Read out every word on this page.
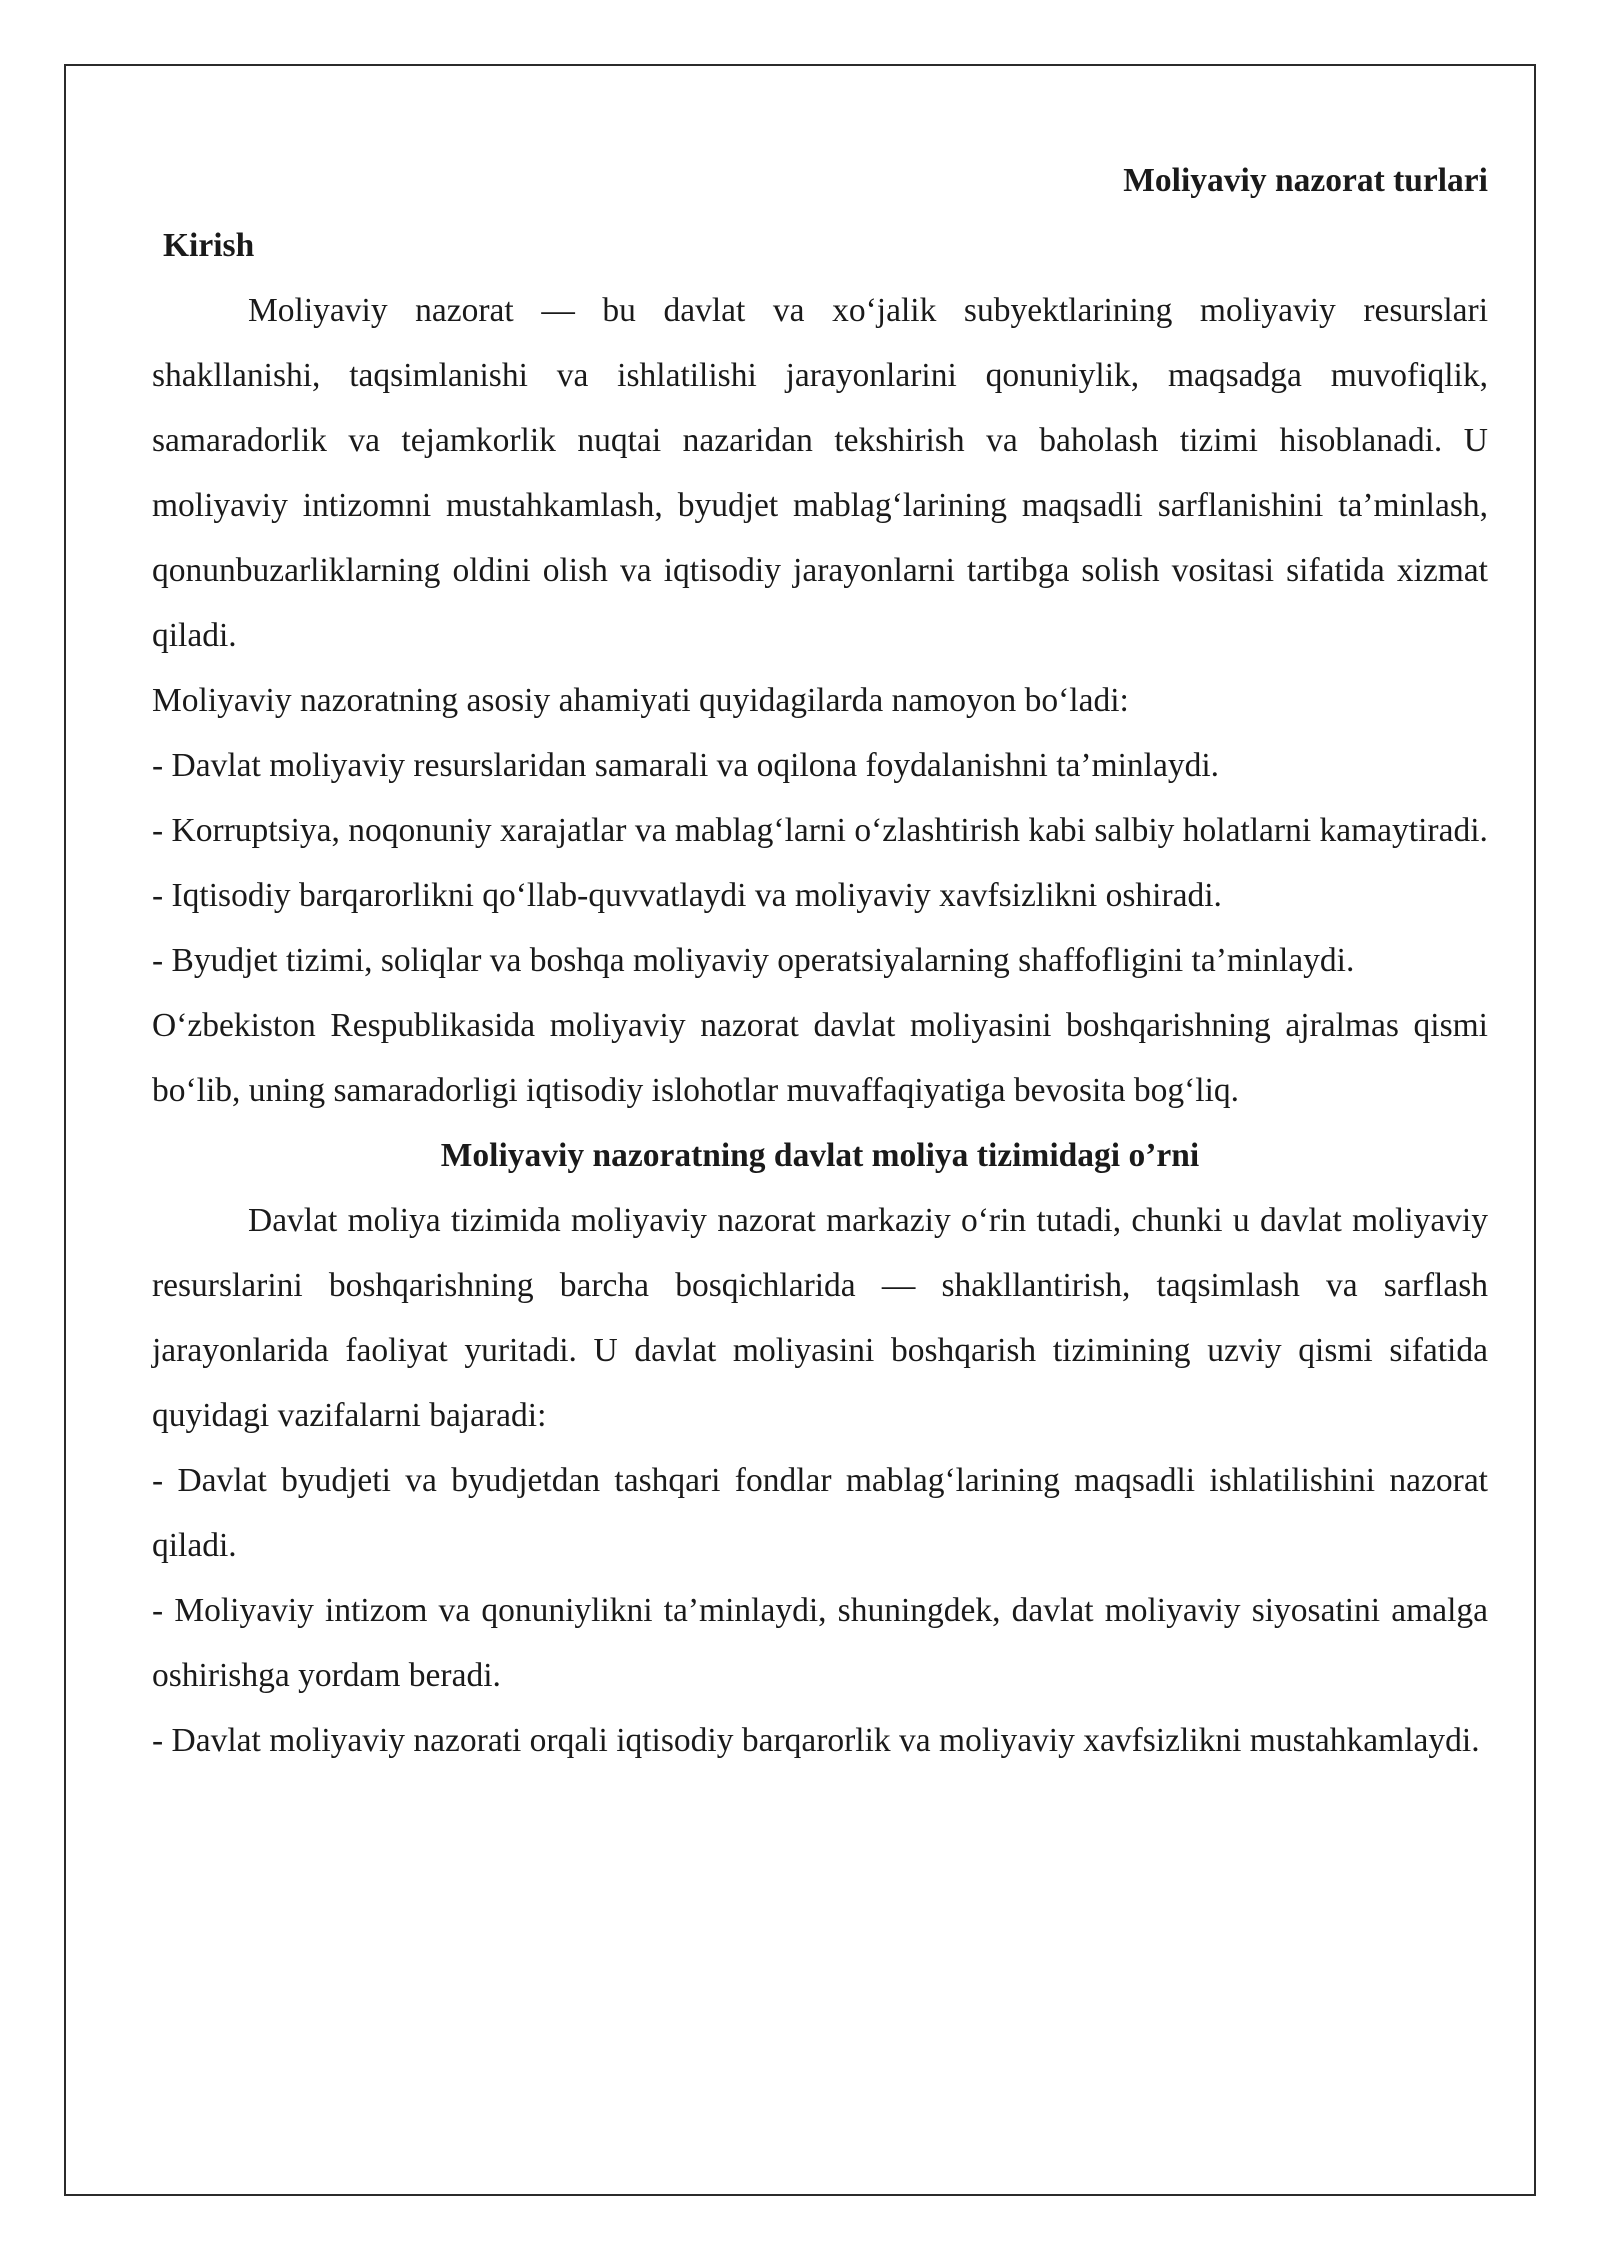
Moliyaviy nazorat turlari

Kirish

Moliyaviy nazorat — bu davlat va xo‘jalik subyektlarining moliyaviy resurslari shakllanishi, taqsimlanishi va ishlatilishi jarayonlarini qonuniylik, maqsadga muvofiqlik, samaradorlik va tejamkorlik nuqtai nazaridan tekshirish va baholash tizimi hisoblanadi. U moliyaviy intizomni mustahkamlash, byudjet mablag‘larining maqsadli sarflanishini ta’minlash, qonunbuzarliklarning oldini olish va iqtisodiy jarayonlarni tartibga solish vositasi sifatida xizmat qiladi.

Moliyaviy nazoratning asosiy ahamiyati quyidagilarda namoyon bo‘ladi:

- Davlat moliyaviy resurslaridan samarali va oqilona foydalanishni ta’minlaydi.

- Korruptsiya, noqonuniy xarajatlar va mablag‘larni o‘zlashtirish kabi salbiy holatlarni kamaytiradi.

- Iqtisodiy barqarorlikni qo‘llab-quvvatlaydi va moliyaviy xavfsizlikni oshiradi.

- Byudjet tizimi, soliqlar va boshqa moliyaviy operatsiyalarning shaffofligini ta’minlaydi.

O‘zbekiston Respublikasida moliyaviy nazorat davlat moliyasini boshqarishning ajralmas qismi bo‘lib, uning samaradorligi iqtisodiy islohotlar muvaffaqiyatiga bevosita bog‘liq.

Moliyaviy nazoratning davlat moliya tizimidagi o’rni

Davlat moliya tizimida moliyaviy nazorat markaziy o‘rin tutadi, chunki u davlat moliyaviy resurslarini boshqarishning barcha bosqichlarida — shakllantirish, taqsimlash va sarflash jarayonlarida faoliyat yuritadi. U davlat moliyasini boshqarish tizimining uzviy qismi sifatida quyidagi vazifalarni bajaradi:

- Davlat byudjeti va byudjetdan tashqari fondlar mablag‘larining maqsadli ishlatilishini nazorat qiladi.

- Moliyaviy intizom va qonuniylikni ta’minlaydi, shuningdek, davlat moliyaviy siyosatini amalga oshirishga yordam beradi.

- Davlat moliyaviy nazorati orqali iqtisodiy barqarorlik va moliyaviy xavfsizlikni mustahkamlaydi.
